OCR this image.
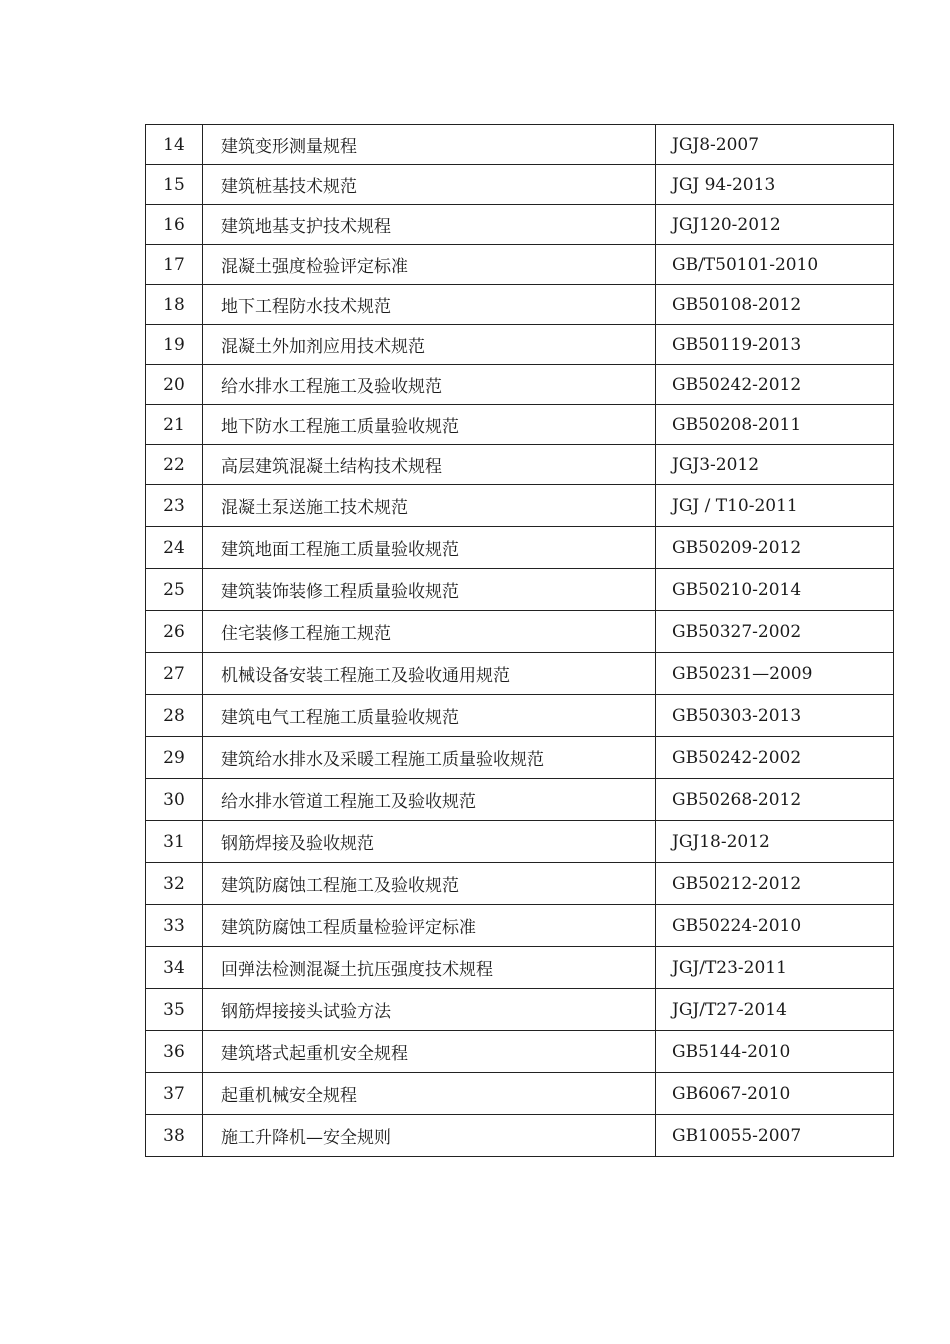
14	建筑变形测量规程	JGJ8-2007
15	建筑桩基技术规范	JGJ 94-2013
16	建筑地基支护技术规程	JGJ120-2012
17	混凝土强度检验评定标准	GB/T50101-2010
18	地下工程防水技术规范	GB50108-2012
19	混凝土外加剂应用技术规范	GB50119-2013
20	给水排水工程施工及验收规范	GB50242-2012
21	地下防水工程施工质量验收规范	GB50208-2011
22	高层建筑混凝土结构技术规程	JGJ3-2012
23	混凝土泵送施工技术规范	JGJ / T10-2011
24	建筑地面工程施工质量验收规范	GB50209-2012
25	建筑装饰装修工程质量验收规范	GB50210-2014
26	住宅装修工程施工规范	GB50327-2002
27	机械设备安装工程施工及验收通用规范	GB50231—2009
28	建筑电气工程施工质量验收规范	GB50303-2013
29	建筑给水排水及采暖工程施工质量验收规范	GB50242-2002
30	给水排水管道工程施工及验收规范	GB50268-2012
31	钢筋焊接及验收规范	JGJ18-2012
32	建筑防腐蚀工程施工及验收规范	GB50212-2012
33	建筑防腐蚀工程质量检验评定标准	GB50224-2010
34	回弹法检测混凝土抗压强度技术规程	JGJ/T23-2011
35	钢筋焊接接头试验方法	JGJ/T27-2014
36	建筑塔式起重机安全规程	GB5144-2010
37	起重机械安全规程	GB6067-2010
38	施工升降机—安全规则	GB10055-2007
